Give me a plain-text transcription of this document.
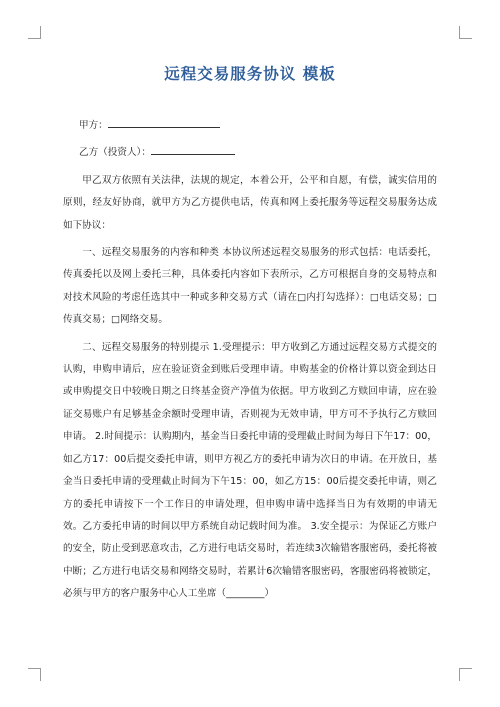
远程交易服务协议 模板
甲方：
乙方（投资人）：

甲乙双方依照有关法律，法规的规定，本着公开，公平和自愿，有偿，诚实信用的原则，经友好协商，就甲方为乙方提供电话，传真和网上委托服务等远程交易服务达成如下协议：

一、远程交易服务的内容和种类 本协议所述远程交易服务的形式包括：电话委托，传真委托以及网上委托三种，具体委托内容如下表所示，乙方可根据自身的交易特点和对技术风险的考虑任选其中一种或多种交易方式（请在□内打勾选择）：□电话交易；□传真交易；□网络交易。

二、远程交易服务的特别提示 1.受理提示：甲方收到乙方通过远程交易方式提交的认购，申购申请后，应在验证资金到账后受理申请。申购基金的价格计算以资金到达日或申购提交日中较晚日期之日终基金资产净值为依据。甲方收到乙方赎回申请，应在验证交易账户有足够基金余额时受理申请，否则视为无效申请，甲方可不予执行乙方赎回申请。 2.时间提示：认购期内，基金当日委托申请的受理截止时间为每日下午17：00，如乙方17：00后提交委托申请，则甲方视乙方的委托申请为次日的申请。在开放日，基金当日委托申请的受理截止时间为下午15：00，如乙方15：00后提交委托申请，则乙方的委托申请按下一个工作日的申请处理，但申购申请中选择当日为有效期的申请无效。乙方委托申请的时间以甲方系统自动记载时间为准。 3.安全提示：为保证乙方账户的安全，防止受到恶意攻击，乙方进行电话交易时，若连续3次输错客服密码，委托将被中断；乙方进行电话交易和网络交易时，若累计6次输错客服密码，客服密码将被锁定，必须与甲方的客户服务中心人工坐席（________）
